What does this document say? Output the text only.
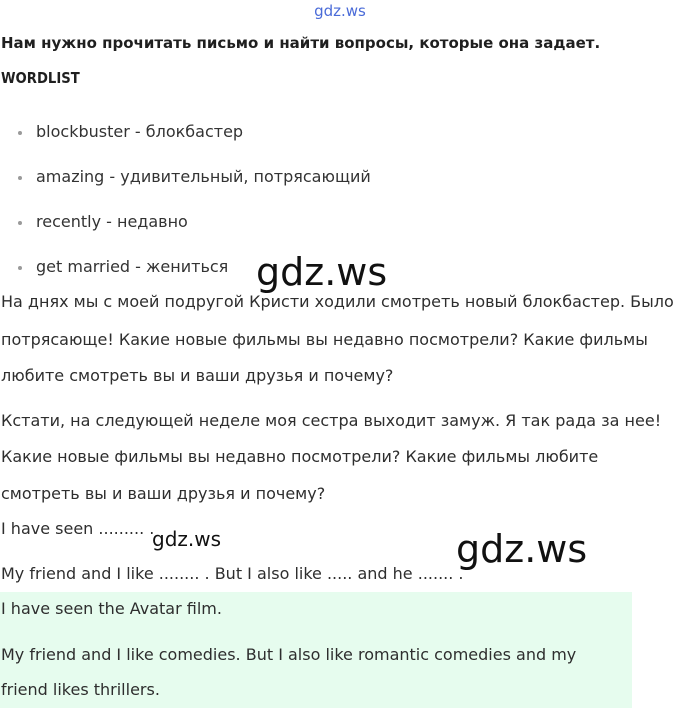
gdz.ws
Нам нужно прочитать письмо и найти вопросы, которые она задает.
WORDLIST
blockbuster - блокбастер
amazing - удивительный, потрясающий
recently - недавно
get married - жениться gdz.ws
На днях мы с моей подругой Кристи ходили смотреть новый блокбастер. Было
потрясающе! Какие новые фильмы вы недавно посмотрели? Какие фильмы
любите смотреть вы и ваши друзья и почему?
Кстати, на следующей неделе моя сестра выходит замуж. Я так рада за нее!
Какие новые фильмы вы недавно посмотрели? Какие фильмы любите
смотреть вы и ваши друзья и почему?
I have seen ......... .
gdz.ws	gdz.ws
My friend and I like ........ . But I also like ..... and he ....... .
I have seen the Avatar film.
My friend and I like comedies. But I also like romantic comedies and my
friend likes thrillers.
